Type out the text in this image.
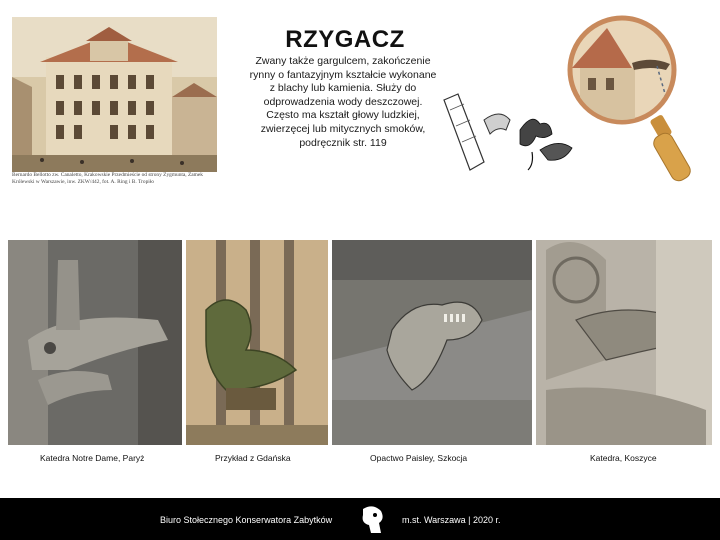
RZYGACZ
Zwany także gargulcem, zakończenie rynny o fantazyjnym kształcie wykonane z blachy lub kamienia. Służy do odprowadzenia wody deszczowej. Często ma kształt głowy ludzkiej, zwierzęcej lub mitycznych smoków, podręcznik str. 119
Bernardo Bellotto zw. Canaletto, Krakowskie Przedmieście od strony Zygmunta, Zamek Królewski w Warszawie, inw. ZKW/442, fot. A. Ring i B. Tropiło
Katedra Notre Dame, Paryż	Przykład z Gdańska	Opactwo Paisley, Szkocja	Katedra, Koszyce
Biuro Stołecznego Konserwatora Zabytków	m.st. Warszawa | 2020 r.
